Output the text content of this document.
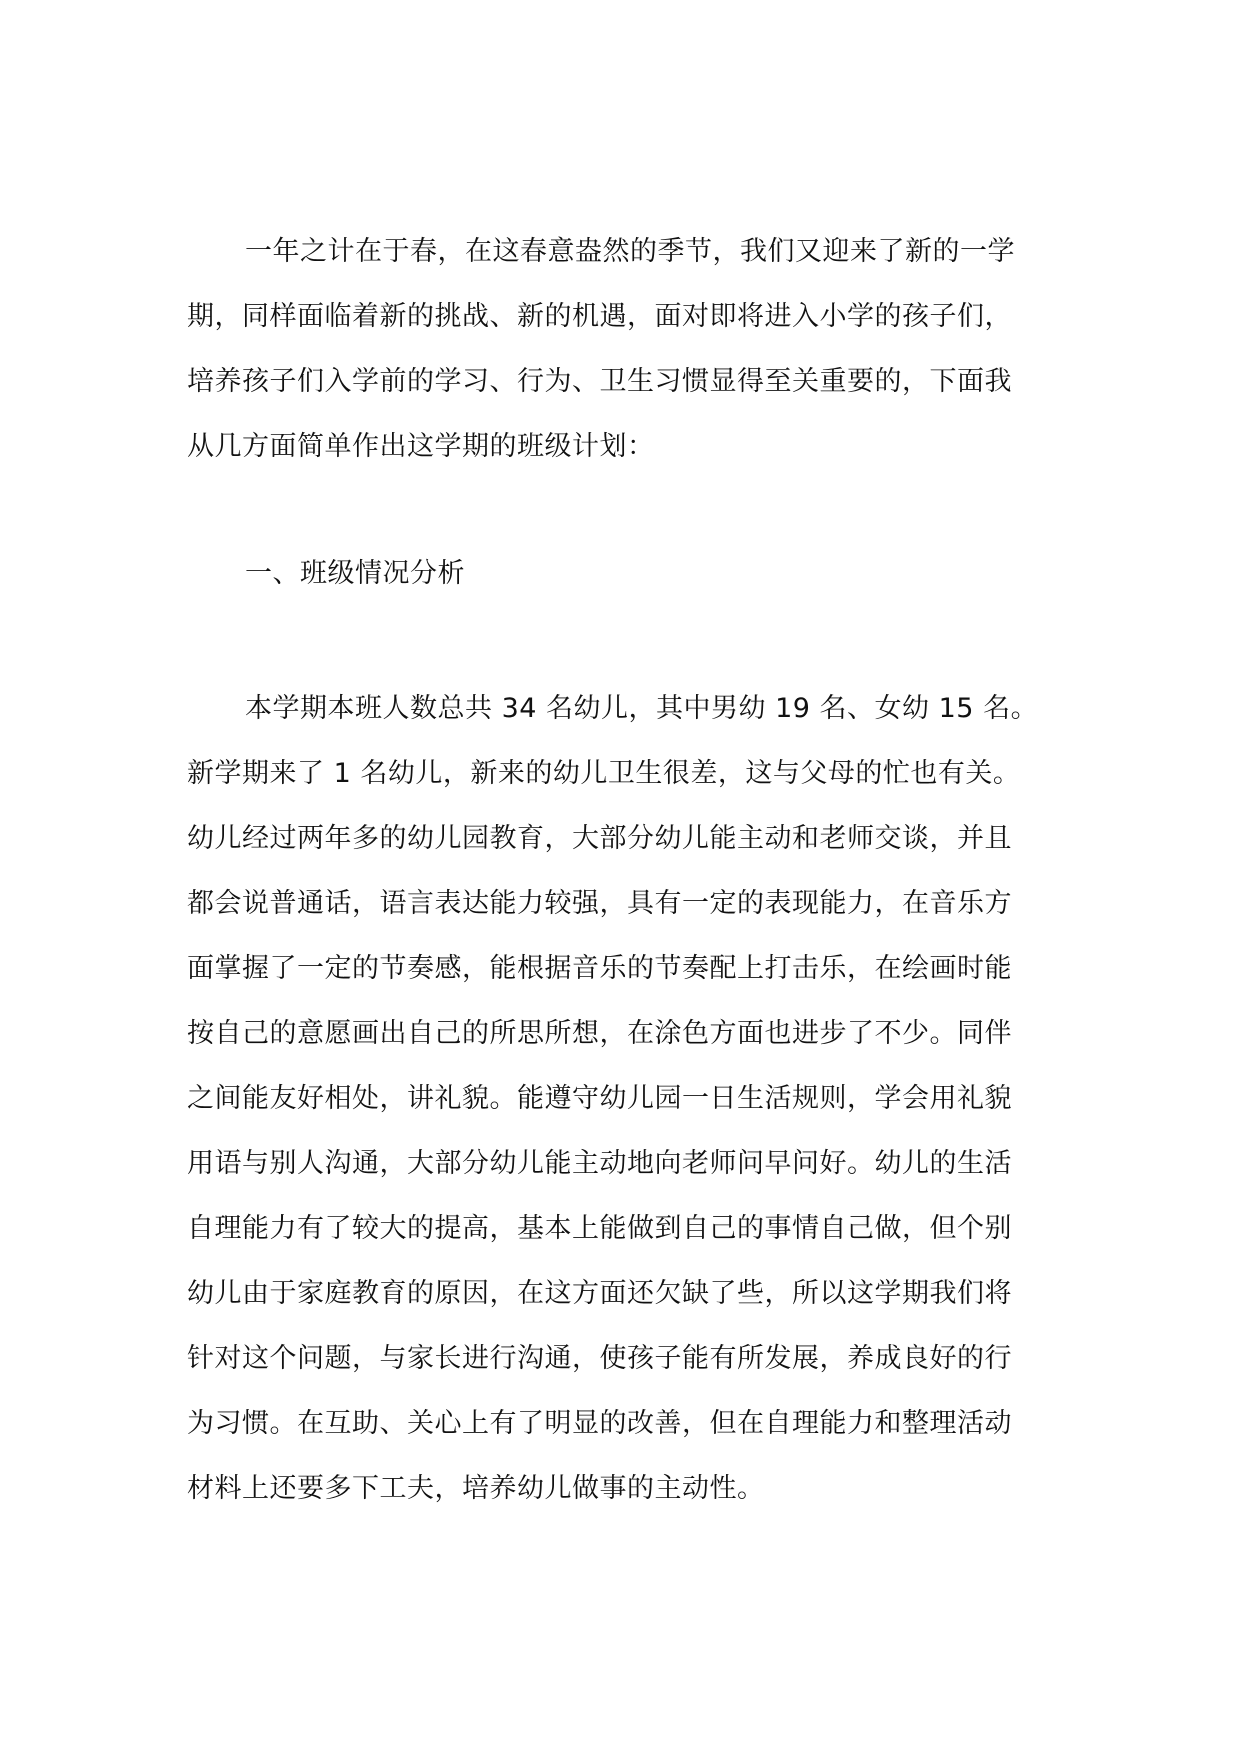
一年之计在于春，在这春意盎然的季节，我们又迎来了新的一学
期，同样面临着新的挑战、新的机遇，面对即将进入小学的孩子们，
培养孩子们入学前的学习、行为、卫生习惯显得至关重要的，下面我
从几方面简单作出这学期的班级计划：
一、班级情况分析
本学期本班人数总共 34 名幼儿，其中男幼 19 名、女幼 15 名。
新学期来了 1 名幼儿，新来的幼儿卫生很差，这与父母的忙也有关。
幼儿经过两年多的幼儿园教育，大部分幼儿能主动和老师交谈，并且
都会说普通话，语言表达能力较强，具有一定的表现能力，在音乐方
面掌握了一定的节奏感，能根据音乐的节奏配上打击乐，在绘画时能
按自己的意愿画出自己的所思所想，在涂色方面也进步了不少。同伴
之间能友好相处，讲礼貌。能遵守幼儿园一日生活规则，学会用礼貌
用语与别人沟通，大部分幼儿能主动地向老师问早问好。幼儿的生活
自理能力有了较大的提高，基本上能做到自己的事情自己做，但个别
幼儿由于家庭教育的原因，在这方面还欠缺了些，所以这学期我们将
针对这个问题，与家长进行沟通，使孩子能有所发展，养成良好的行
为习惯。在互助、关心上有了明显的改善，但在自理能力和整理活动
材料上还要多下工夫，培养幼儿做事的主动性。
